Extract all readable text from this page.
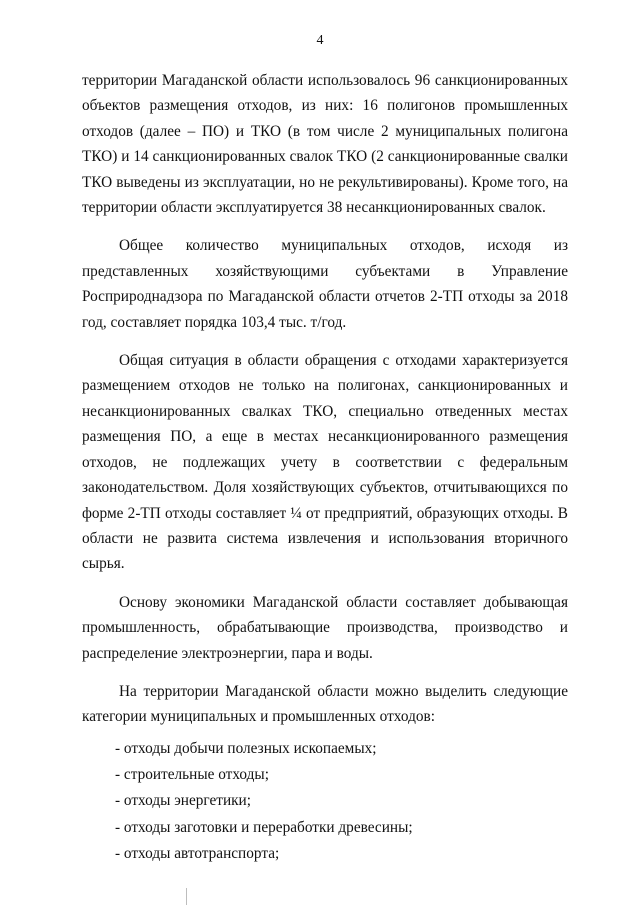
4

территории Магаданской области использовалось 96 санкционированных объектов размещения отходов, из них: 16 полигонов промышленных отходов (далее – ПО) и ТКО (в том числе 2 муниципальных полигона ТКО) и 14 санкционированных свалок ТКО (2 санкционированные свалки ТКО выведены из эксплуатации, но не рекультивированы). Кроме того, на территории области эксплуатируется 38 несанкционированных свалок.

Общее количество муниципальных отходов, исходя из представленных хозяйствующими субъектами в Управление Росприроднадзора по Магаданской области отчетов 2-ТП отходы за 2018 год, составляет порядка 103,4 тыс. т/год.

Общая ситуация в области обращения с отходами характеризуется размещением отходов не только на полигонах, санкционированных и несанкционированных свалках ТКО, специально отведенных местах размещения ПО, а еще в местах несанкционированного размещения отходов, не подлежащих учету в соответствии с федеральным законодательством. Доля хозяйствующих субъектов, отчитывающихся по форме 2-ТП отходы составляет ¼ от предприятий, образующих отходы. В области не развита система извлечения и использования вторичного сырья.

Основу экономики Магаданской области составляет добывающая промышленность, обрабатывающие производства, производство и распределение электроэнергии, пара и воды.

На территории Магаданской области можно выделить следующие категории муниципальных и промышленных отходов:

- отходы добычи полезных ископаемых;

- строительные отходы;

- отходы энергетики;

- отходы заготовки и переработки древесины;

- отходы автотранспорта;
